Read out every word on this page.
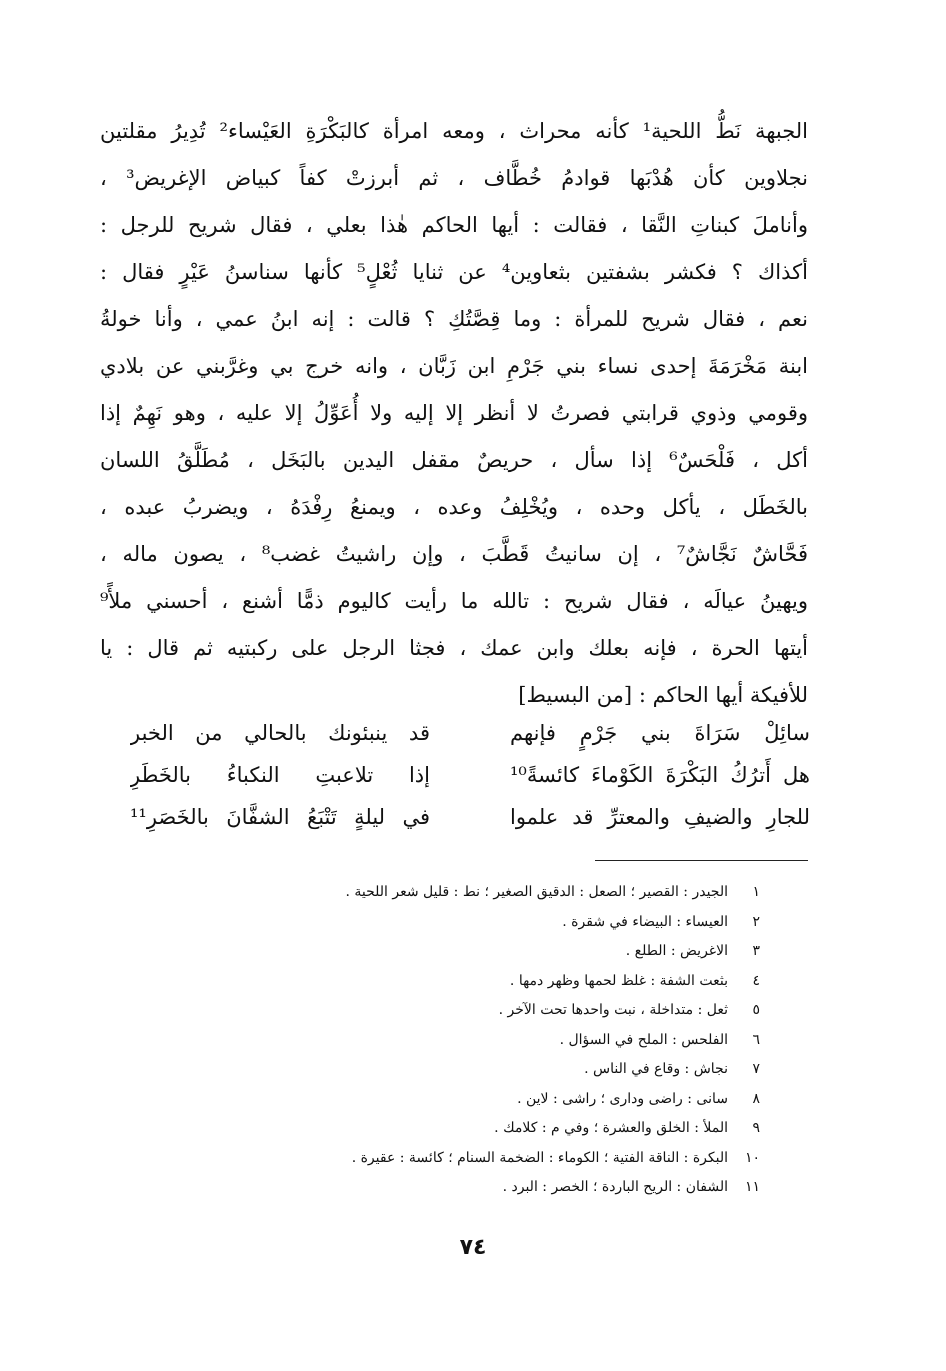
الجبهة نَطُّ اللحية¹ كأنه محراث ، ومعه امرأة كالبَكْرَةِ العَيْساء² تُدِيرُ مقلتين
نجلاوين كأن هُدْبَها قوادمُ خُطَّاف ، ثم أبرزتْ كفاً كبياض الإغريض³ ،
وأناملَ كبناتِ النَّقا ، فقالت : أيها الحاكم هٰذا بعلي ، فقال شريح للرجل :
أكذاك ؟ فكشر بشفتين بثعاوين⁴ عن ثنايا ثُعْلٍ⁵ كأنها سناسنُ عَيْرٍ فقال :
نعم ، فقال شريح للمرأة : وما قِصَّتُكِ ؟ قالت : إنه ابنُ عمي ، وأنا خولةُ
ابنة مَخْرَمَةَ إحدى نساء بني جَرْمِ ابن زَبَّان ، وانه خرج بي وغرَّبني عن بلادي
وقومي وذوي قرابتي فصرتُ لا أنظر إلا إليه ولا أُعَوِّلُ إلا عليه ، وهو نَهِمٌ إذا
أكل ، فَلْحَسٌ⁶ إذا سأل ، حريصٌ مقفل اليدين بالبَخَل ، مُطَلَّقُ اللسان
بالخَطَل ، يأكل وحده ، ويُخْلِفُ وعده ، ويمنعُ رِفْدَهُ ، ويضربُ عبده ،
فَحَّاشٌ نَجَّاشٌ⁷ ، إن سانيتُ قَطَّبَ ، وإن راشيتُ غضب⁸ ، يصون ماله ،
ويهينُ عيالَه ، فقال شريح : تالله ما رأيت كاليوم ذمًّا أشنع ، أحسني ملأً⁹
أيتها الحرة ، فإنه بعلك وابن عمك ، فجثا الرجل على ركبتيه ثم قال : يا
للأفيكة أيها الحاكم : [من البسيط]
سائِلْ سَرَاةَ بني جَرْمٍ فإنهم
قد ينبئونك بالحالي من الخبر
هل أَترُكُ البَكْرَةَ الكَوْماءَ كائسةً¹⁰
إذا تلاعبتِ النكباءُ بالخَطَرِ
للجارِ والضيفِ والمعترِّ قد علموا
في ليلةٍ تَتْبَعُ الشفَّانَ بالخَصَرِ¹¹
١
الجيدر : القصير ؛ الصعل : الدقيق الصغير ؛ نط : قليل شعر اللحية .
٢
العيساء : البيضاء في شقرة .
٣
الاغريض : الطلع .
٤
بثعت الشفة : غلظ لحمها وظهر دمها .
٥
ثعل : متداخلة ، نبت واحدها تحت الآخر .
٦
الفلحس : الملح في السؤال .
٧
نجاش : وقاع في الناس .
٨
سانى : راضى ودارى ؛ راشى : لاين .
٩
الملأ : الخلق والعشرة ؛ وفي م : كلامك .
١٠
البكرة : الناقة الفتية ؛ الكوماء : الضخمة السنام ؛ كائسة : عقيرة .
١١
الشفان : الريح الباردة ؛ الخصر : البرد .
٧٤
